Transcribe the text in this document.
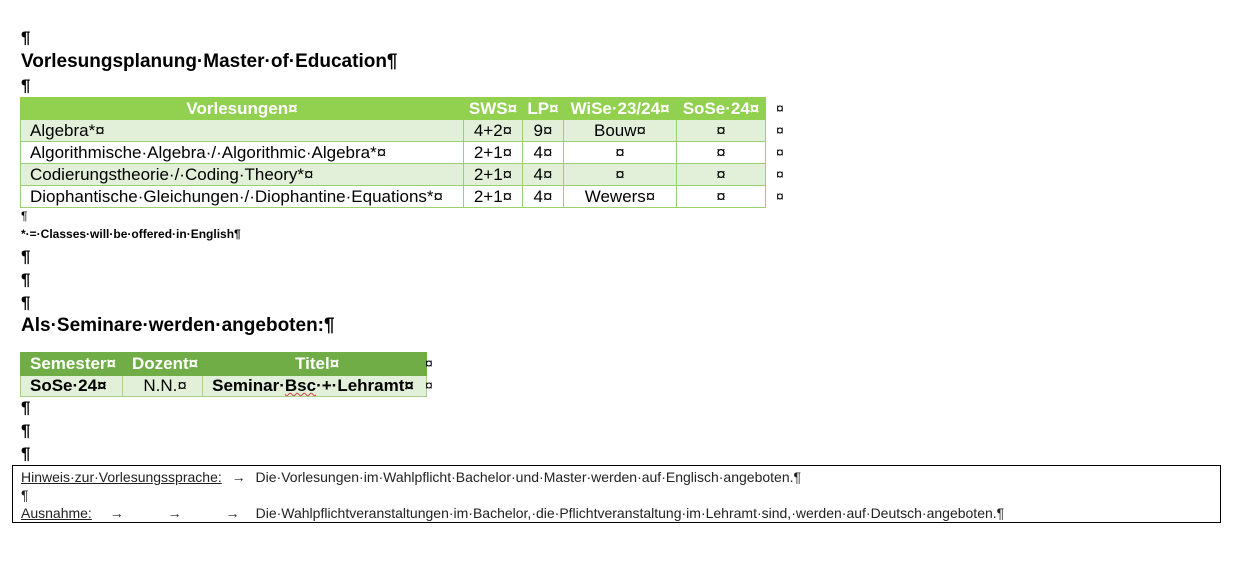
¶
Vorlesungsplanung·Master·of·Education¶
¶
Vorlesungen¤	SWS¤	LP¤	WiSe·23/24¤	SoSe·24¤
Algebra*¤	4+2¤	9¤	Bouw¤	¤
Algorithmische·Algebra·/·Algorithmic·Algebra*¤	2+1¤	4¤	¤	¤
Codierungstheorie·/·Coding·Theory*¤	2+1¤	4¤	¤	¤
Diophantische·Gleichungen·/·Diophantine·Equations*¤	2+1¤	4¤	Wewers¤	¤
¤
¤
¤
¤
¤
¶
*·=·Classes·will·be·offered·in·English¶
¶
¶
¶
Als·Seminare·werden·angeboten:¶
Semester¤	Dozent¤	Titel¤
SoSe·24¤	N.N.¤	Seminar·Bsc·+·Lehramt¤
¤
¤
¶
¶
¶
Hinweis·zur·Vorlesungssprache: → Die·Vorlesungen·im·Wahlpflicht·Bachelor·und·Master·werden·auf·Englisch·angeboten.¶
¶
Ausnahme: → → → Die·Wahlpflichtveranstaltungen·im·Bachelor,·die·Pflichtveranstaltung·im·Lehramt·sind,·werden·auf·Deutsch·angeboten.¶
